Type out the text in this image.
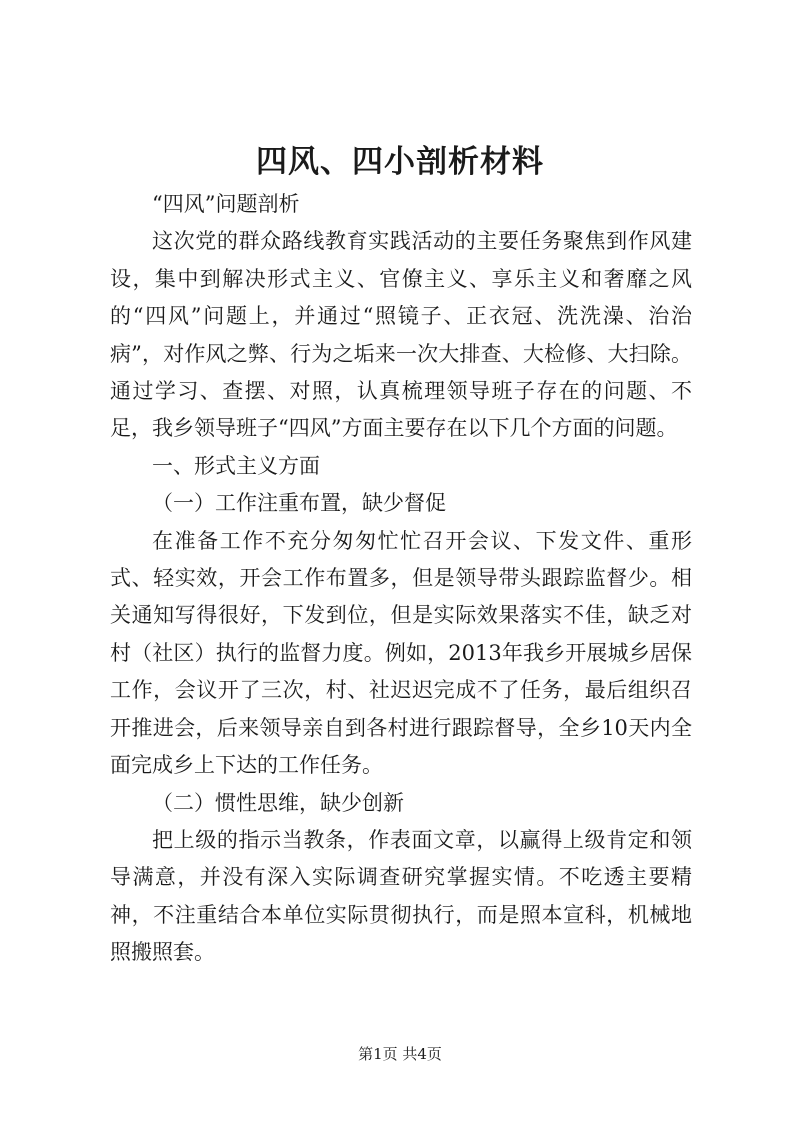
四风、四小剖析材料

“四风”问题剖析

这次党的群众路线教育实践活动的主要任务聚焦到作风建设，集中到解决形式主义、官僚主义、享乐主义和奢靡之风的“四风”问题上，并通过“照镜子、正衣冠、洗洗澡、治治病”，对作风之弊、行为之垢来一次大排查、大检修、大扫除。通过学习、查摆、对照，认真梳理领导班子存在的问题、不足，我乡领导班子“四风”方面主要存在以下几个方面的问题。

一、形式主义方面

（一）工作注重布置，缺少督促

在准备工作不充分匆匆忙忙召开会议、下发文件、重形式、轻实效，开会工作布置多，但是领导带头跟踪监督少。相关通知写得很好，下发到位，但是实际效果落实不佳，缺乏对村（社区）执行的监督力度。例如，2013年我乡开展城乡居保工作，会议开了三次，村、社迟迟完成不了任务，最后组织召开推进会，后来领导亲自到各村进行跟踪督导，全乡10天内全面完成乡上下达的工作任务。

（二）惯性思维，缺少创新

把上级的指示当教条，作表面文章，以赢得上级肯定和领导满意，并没有深入实际调查研究掌握实情。不吃透主要精神，不注重结合本单位实际贯彻执行，而是照本宣科，机械地照搬照套。

第1页 共4页
